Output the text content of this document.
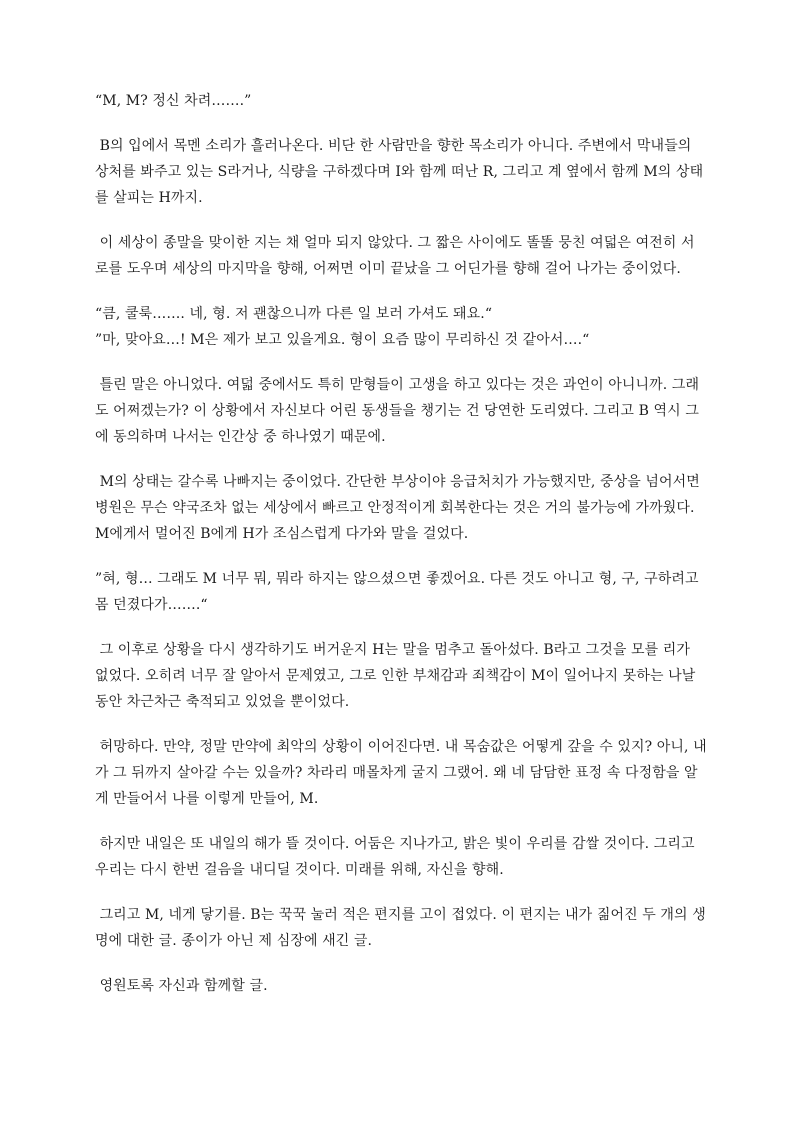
“M, M? 정신 차려…….”

B의 입에서 목멘 소리가 흘러나온다. 비단 한 사람만을 향한 목소리가 아니다. 주변에서 막내들의 상처를 봐주고 있는 S라거나, 식량을 구하겠다며 I와 함께 떠난 R, 그리고 계 옆에서 함께 M의 상태를 살피는 H까지.

이 세상이 종말을 맞이한 지는 채 얼마 되지 않았다. 그 짧은 사이에도 똘똘 뭉친 여덟은 여전히 서로를 도우며 세상의 마지막을 향해, 어쩌면 이미 끝났을 그 어딘가를 향해 걸어 나가는 중이었다.

“큼, 쿨룩……. 네, 형. 저 괜찮으니까 다른 일 보러 가셔도 돼요.“

”마, 맞아요…! M은 제가 보고 있을게요. 형이 요즘 많이 무리하신 것 같아서….“

틀린 말은 아니었다. 여덟 중에서도 특히 맏형들이 고생을 하고 있다는 것은 과언이 아니니까. 그래도 어쩌겠는가? 이 상황에서 자신보다 어린 동생들을 챙기는 건 당연한 도리였다. 그리고 B 역시 그에 동의하며 나서는 인간상 중 하나였기 때문에.

M의 상태는 갈수록 나빠지는 중이었다. 간단한 부상이야 응급처치가 가능했지만, 중상을 넘어서면 병원은 무슨 약국조차 없는 세상에서 빠르고 안정적이게 회복한다는 것은 거의 불가능에 가까웠다. M에게서 멀어진 B에게 H가 조심스럽게 다가와 말을 걸었다.

”혀, 형… 그래도 M 너무 뭐, 뭐라 하지는 않으셨으면 좋겠어요. 다른 것도 아니고 형, 구, 구하려고 몸 던졌다가…….“

그 이후로 상황을 다시 생각하기도 버거운지 H는 말을 멈추고 돌아섰다. B라고 그것을 모를 리가 없었다. 오히려 너무 잘 알아서 문제였고, 그로 인한 부채감과 죄책감이 M이 일어나지 못하는 나날 동안 차근차근 축적되고 있었을 뿐이었다.

허망하다. 만약, 정말 만약에 최악의 상황이 이어진다면. 내 목숨값은 어떻게 갚을 수 있지? 아니, 내가 그 뒤까지 살아갈 수는 있을까? 차라리 매몰차게 굴지 그랬어. 왜 네 담담한 표정 속 다정함을 알게 만들어서 나를 이렇게 만들어, M.

하지만 내일은 또 내일의 해가 뜰 것이다. 어둠은 지나가고, 밝은 빛이 우리를 감쌀 것이다. 그리고 우리는 다시 한번 걸음을 내디딜 것이다. 미래를 위해, 자신을 향해.

그리고 M, 네게 닿기를. B는 꾹꾹 눌러 적은 편지를 고이 접었다. 이 편지는 내가 짊어진 두 개의 생명에 대한 글. 종이가 아닌 제 심장에 새긴 글.

영원토록 자신과 함께할 글.
